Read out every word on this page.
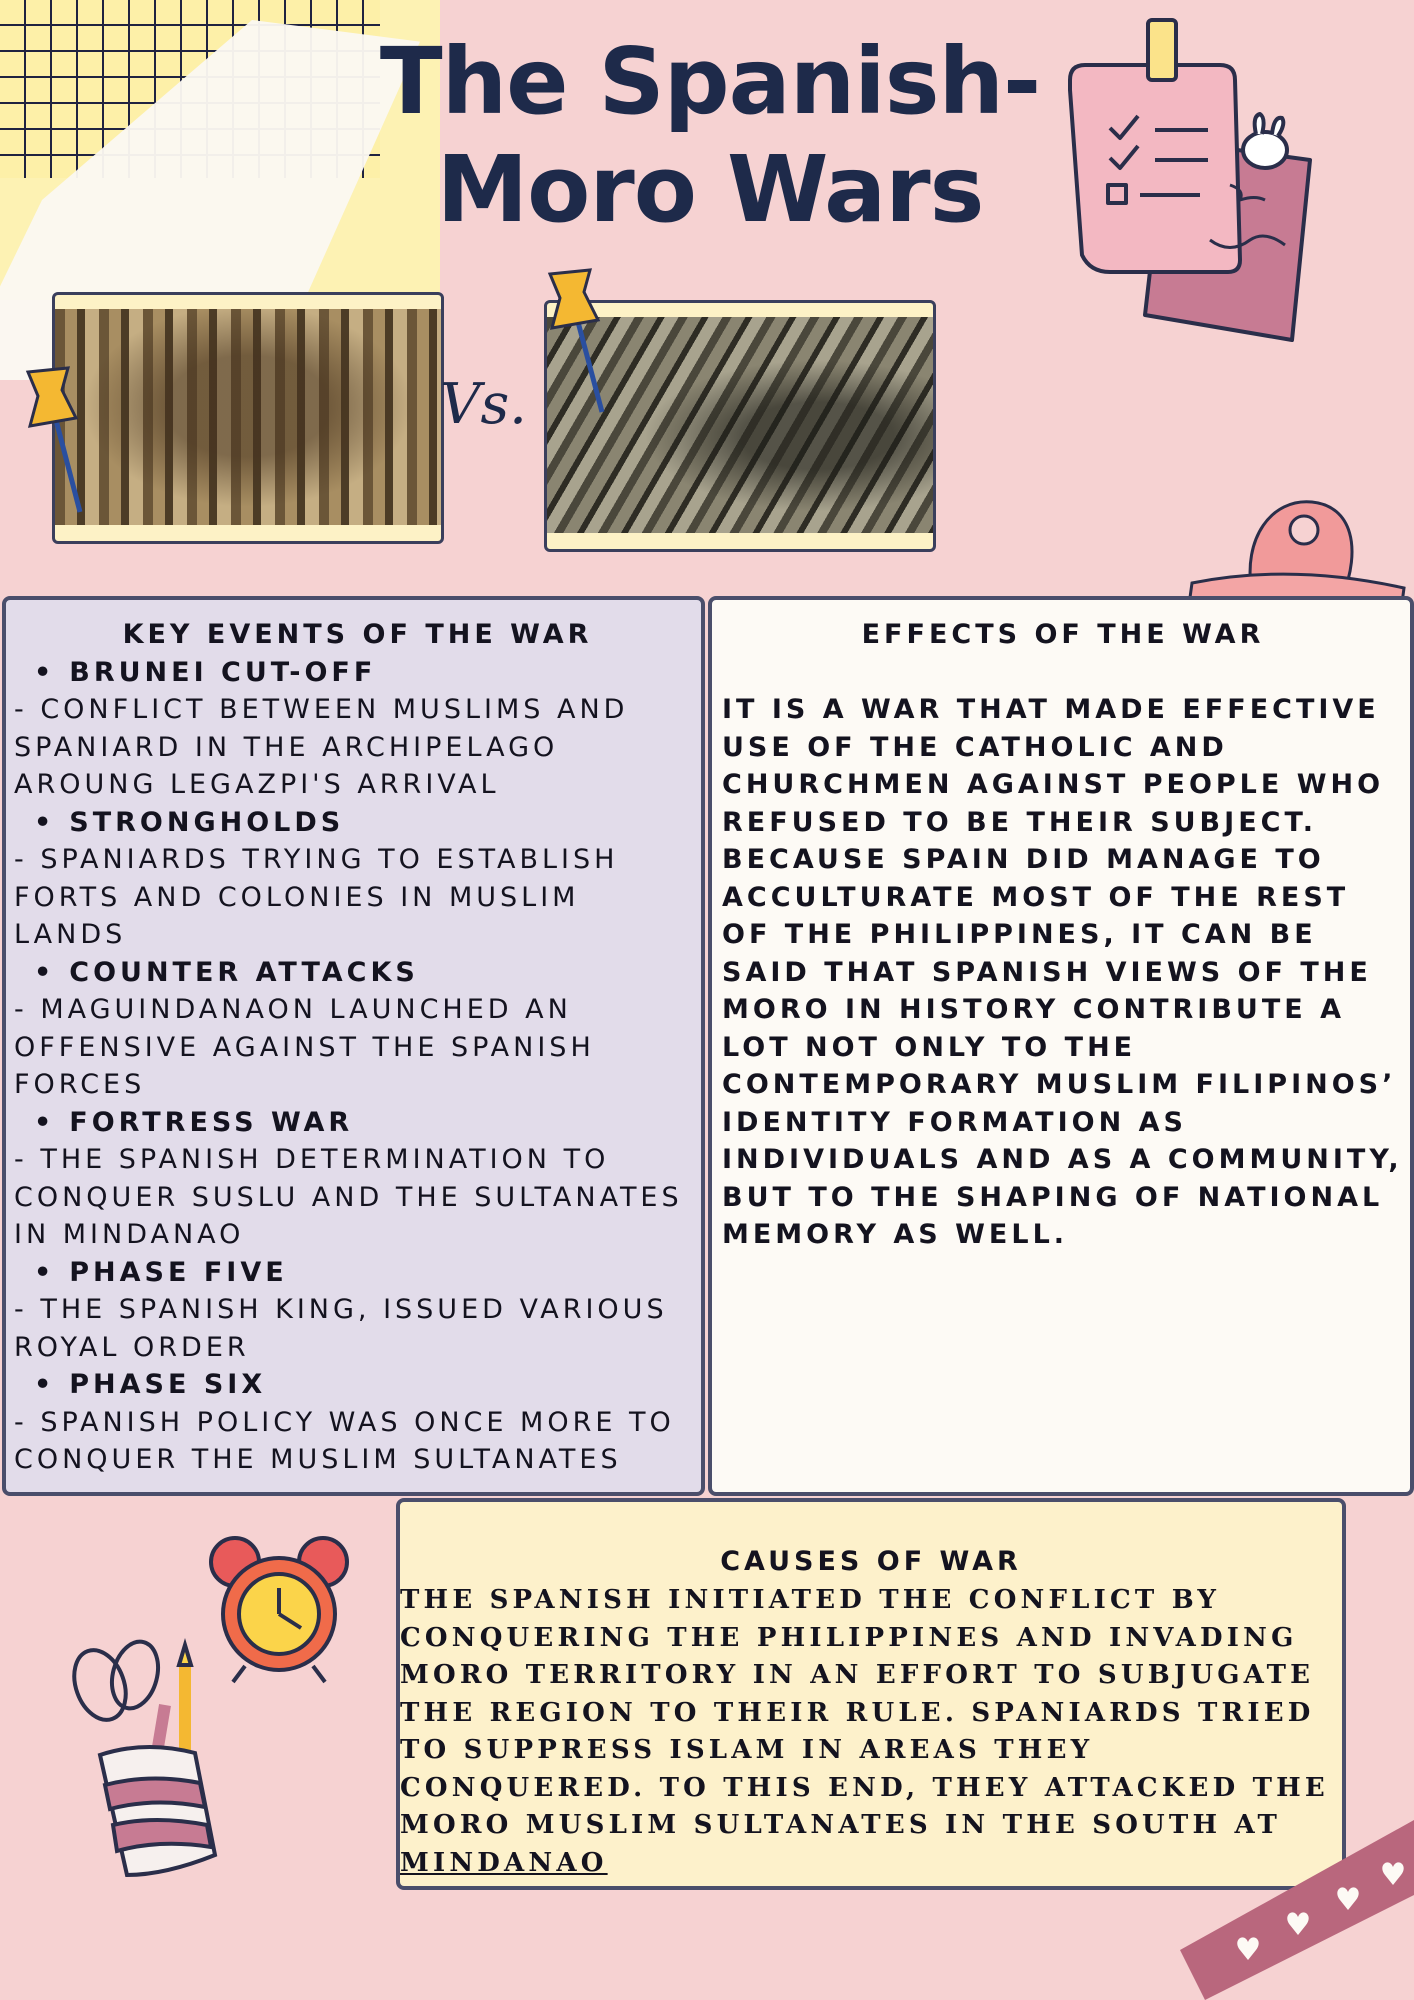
The Spanish-Moro Wars
Vs.
KEY EVENTS OF THE WAR
• BRUNEI CUT-OFF
- CONFLICT BETWEEN MUSLIMS AND SPANIARD IN THE ARCHIPELAGO AROUNG LEGAZPI'S ARRIVAL
• STRONGHOLDS
- SPANIARDS TRYING TO ESTABLISH FORTS AND COLONIES IN MUSLIM LANDS
• COUNTER ATTACKS
- MAGUINDANAON LAUNCHED AN OFFENSIVE AGAINST THE SPANISH FORCES
• FORTRESS WAR
- THE SPANISH DETERMINATION TO CONQUER SUSLU AND THE SULTANATES IN MINDANAO
• PHASE FIVE
- THE SPANISH KING, ISSUED VARIOUS ROYAL ORDER
• PHASE SIX
- SPANISH POLICY WAS ONCE MORE TO CONQUER THE MUSLIM SULTANATES
EFFECTS OF THE WAR
IT IS A WAR THAT MADE EFFECTIVE USE OF THE CATHOLIC AND CHURCHMEN AGAINST PEOPLE WHO REFUSED TO BE THEIR SUBJECT. BECAUSE SPAIN DID MANAGE TO ACCULTURATE MOST OF THE REST OF THE PHILIPPINES, IT CAN BE SAID THAT SPANISH VIEWS OF THE MORO IN HISTORY CONTRIBUTE A LOT NOT ONLY TO THE CONTEMPORARY MUSLIM FILIPINOS’ IDENTITY FORMATION AS INDIVIDUALS AND AS A COMMUNITY, BUT TO THE SHAPING OF NATIONAL MEMORY AS WELL.
CAUSES OF WAR
THE SPANISH INITIATED THE CONFLICT BY CONQUERING THE PHILIPPINES AND INVADING MORO TERRITORY IN AN EFFORT TO SUBJUGATE THE REGION TO THEIR RULE. SPANIARDS TRIED TO SUPPRESS ISLAM IN AREAS THEY CONQUERED. TO THIS END, THEY ATTACKED THE MORO MUSLIM SULTANATES IN THE SOUTH AT MINDANAO
